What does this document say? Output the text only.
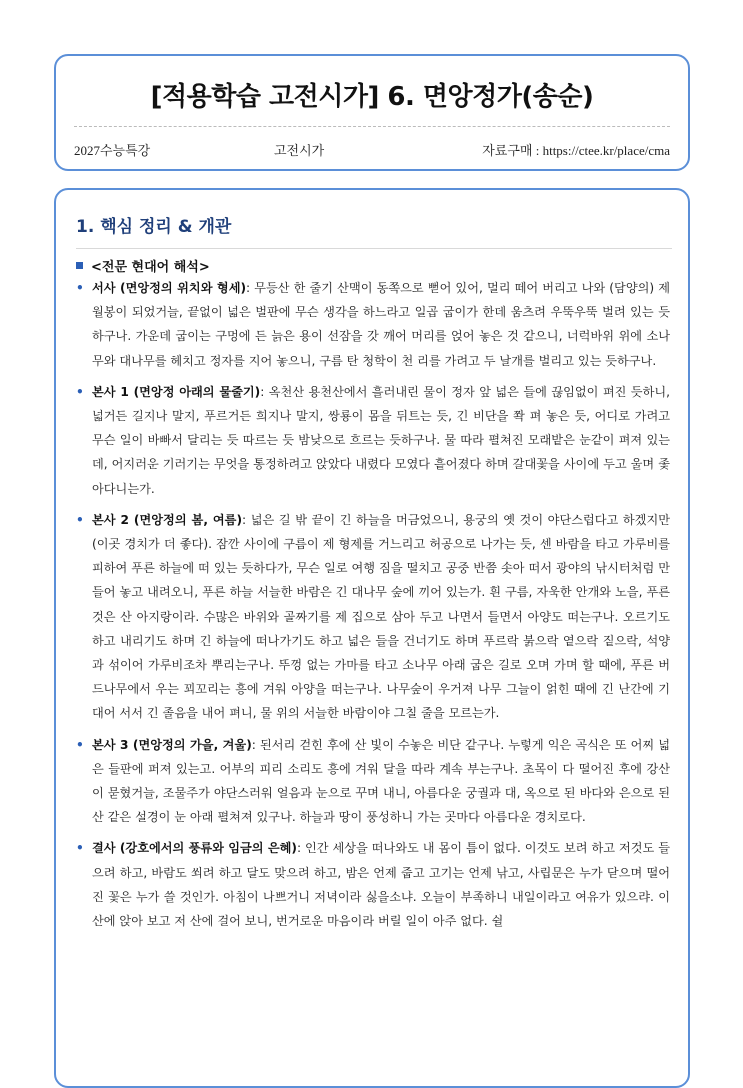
[적용학습 고전시가] 6. 면앙정가(송순)
2027수능특강	고전시가	자료구매 : https://ctee.kr/place/cma
1. 핵심 정리 & 개관
<전문 현대어 해석>
• 서사 (면앙정의 위치와 형세): 무등산 한 줄기 산맥이 동쪽으로 뻗어 있어, 멀리 떼어 버리고 나와 (담양의) 제월봉이 되었거늘, 끝없이 넓은 벌판에 무슨 생각을 하느라고 일곱 굽이가 한데 움츠려 우뚝우뚝 벌려 있는 듯하구나. 가운데 굽이는 구멍에 든 늙은 용이 선잠을 갓 깨어 머리를 얹어 놓은 것 같으니, 너럭바위 위에 소나무와 대나무를 헤치고 정자를 지어 놓으니, 구름 탄 청학이 천 리를 가려고 두 날개를 벌리고 있는 듯하구나.
• 본사 1 (면앙정 아래의 물줄기): 옥천산 용천산에서 흘러내린 물이 정자 앞 넓은 들에 끊임없이 펴진 듯하니, 넓거든 길지나 말지, 푸르거든 희지나 말지, 쌍룡이 몸을 뒤트는 듯, 긴 비단을 쫙 펴 놓은 듯, 어디로 가려고 무슨 일이 바빠서 달리는 듯 따르는 듯 밤낮으로 흐르는 듯하구나. 물 따라 펼쳐진 모래밭은 눈같이 펴져 있는데, 어지러운 기러기는 무엇을 통정하려고 앉았다 내렸다 모였다 흩어졌다 하며 갈대꽃을 사이에 두고 울며 좇아다니는가.
• 본사 2 (면앙정의 봄, 여름): 넓은 길 밖 끝이 긴 하늘을 머금었으니, 용궁의 옛 것이 야단스럽다고 하겠지만 (이곳 경치가 더 좋다). 잠깐 사이에 구름이 제 형제를 거느리고 허공으로 나가는 듯, 센 바람을 타고 가루비를 피하여 푸른 하늘에 떠 있는 듯하다가, 무슨 일로 여행 짐을 떨치고 공중 반쯤 솟아 떠서 광야의 낚시터처럼 만들어 놓고 내려오니, 푸른 하늘 서늘한 바람은 긴 대나무 숲에 끼어 있는가. 흰 구름, 자욱한 안개와 노을, 푸른 것은 산 아지랑이라. 수많은 바위와 골짜기를 제 집으로 삼아 두고 나면서 들면서 아양도 떠는구나. 오르기도 하고 내리기도 하며 긴 하늘에 떠나가기도 하고 넓은 들을 건너기도 하며 푸르락 붉으락 옅으락 짙으락, 석양과 섞이어 가루비조차 뿌리는구나. 뚜껑 없는 가마를 타고 소나무 아래 굽은 길로 오며 가며 할 때에, 푸른 버드나무에서 우는 꾀꼬리는 흥에 겨워 아양을 떠는구나. 나무숲이 우거져 나무 그늘이 얽힌 때에 긴 난간에 기대어 서서 긴 졸음을 내어 펴니, 물 위의 서늘한 바람이야 그칠 줄을 모르는가.
• 본사 3 (면앙정의 가을, 겨울): 된서리 걷힌 후에 산 빛이 수놓은 비단 같구나. 누렇게 익은 곡식은 또 어찌 넓은 들판에 퍼져 있는고. 어부의 피리 소리도 흥에 겨워 달을 따라 계속 부는구나. 초목이 다 떨어진 후에 강산이 묻혔거늘, 조물주가 야단스러워 얼음과 눈으로 꾸며 내니, 아름다운 궁궐과 대, 옥으로 된 바다와 은으로 된 산 같은 설경이 눈 아래 펼쳐져 있구나. 하늘과 땅이 풍성하니 가는 곳마다 아름다운 경치로다.
• 결사 (강호에서의 풍류와 임금의 은혜): 인간 세상을 떠나와도 내 몸이 틈이 없다. 이것도 보려 하고 저것도 들으려 하고, 바람도 쐬려 하고 달도 맞으려 하고, 밤은 언제 줍고 고기는 언제 낚고, 사립문은 누가 닫으며 떨어진 꽃은 누가 쓸 것인가. 아침이 나쁘거니 저녁이라 싫을소냐. 오늘이 부족하니 내일이라고 여유가 있으랴. 이 산에 앉아 보고 저 산에 걸어 보니, 번거로운 마음이라 버릴 일이 아주 없다. 쉴
